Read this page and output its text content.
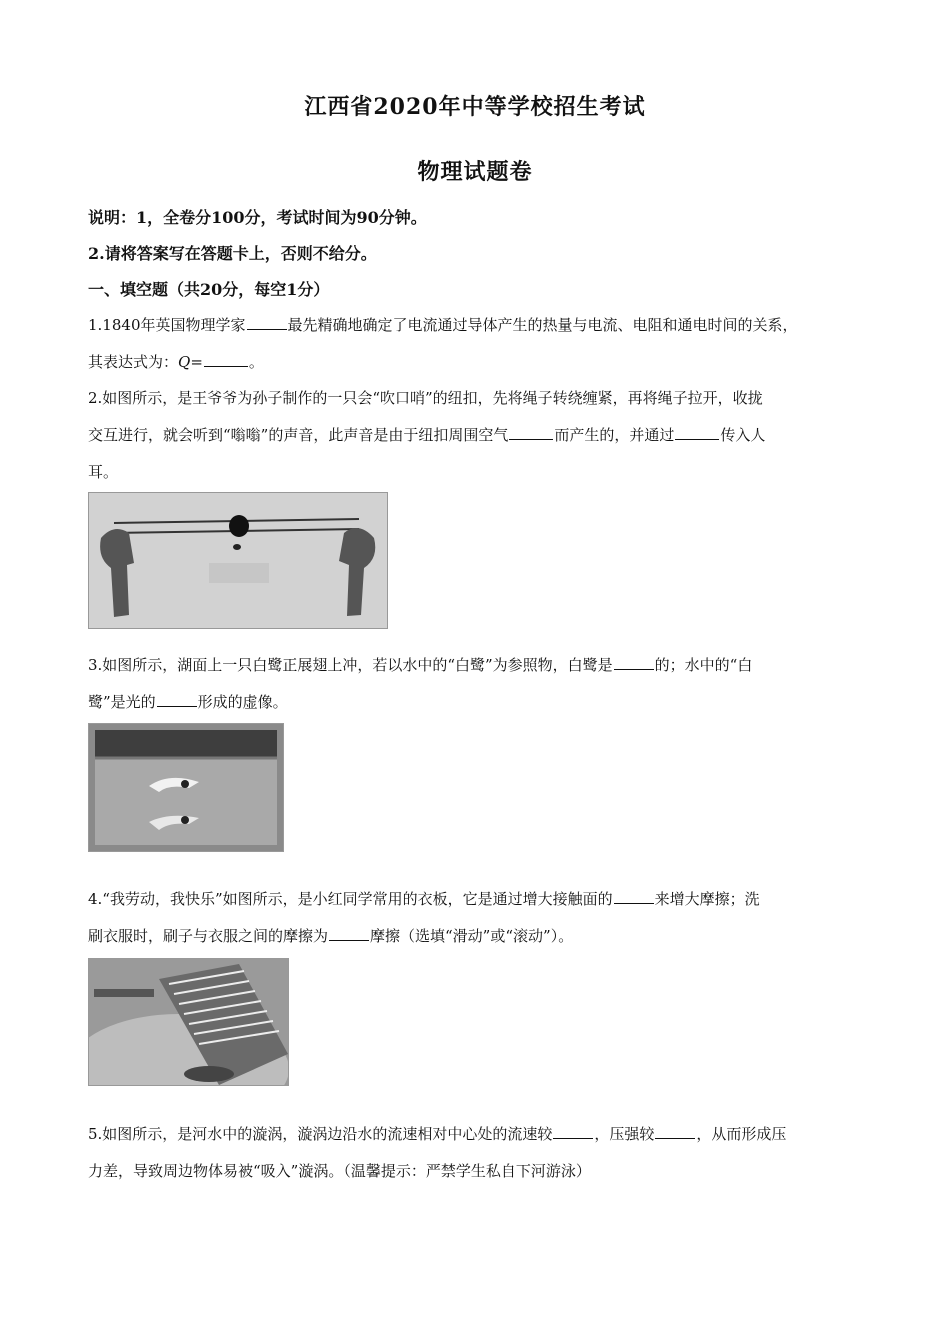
江西省2020年中等学校招生考试
物理试题卷
说明：1，全卷分100分，考试时间为90分钟。
2.请将答案写在答题卡上，否则不给分。
一、填空题（共20分，每空1分）
1.1840年英国物理学家	最先精确地确定了电流通过导体产生的热量与电流、电阻和通电时间的关系，
其表达式为：Q=	。
2.如图所示，是王爷爷为孙子制作的一只会“吹口哨”的纽扣，先将绳子转绕缠紧，再将绳子拉开，收拢
交互进行，就会听到“嗡嗡”的声音，此声音是由于纽扣周围空气	而产生的，并通过	传入人
耳。
3.如图所示，湖面上一只白鹭正展翅上冲，若以水中的“白鹭”为参照物，白鹭是	的；水中的“白
鹭”是光的	形成的虚像。
4.“我劳动，我快乐”如图所示，是小红同学常用的衣板，它是通过增大接触面的	来增大摩擦；洗
刷衣服时，刷子与衣服之间的摩擦为	摩擦（选填“滑动”或“滚动”）。
5.如图所示，是河水中的漩涡，漩涡边沿水的流速相对中心处的流速较	，压强较	，从而形成压
力差，导致周边物体易被“吸入”漩涡。（温馨提示：严禁学生私自下河游泳）
